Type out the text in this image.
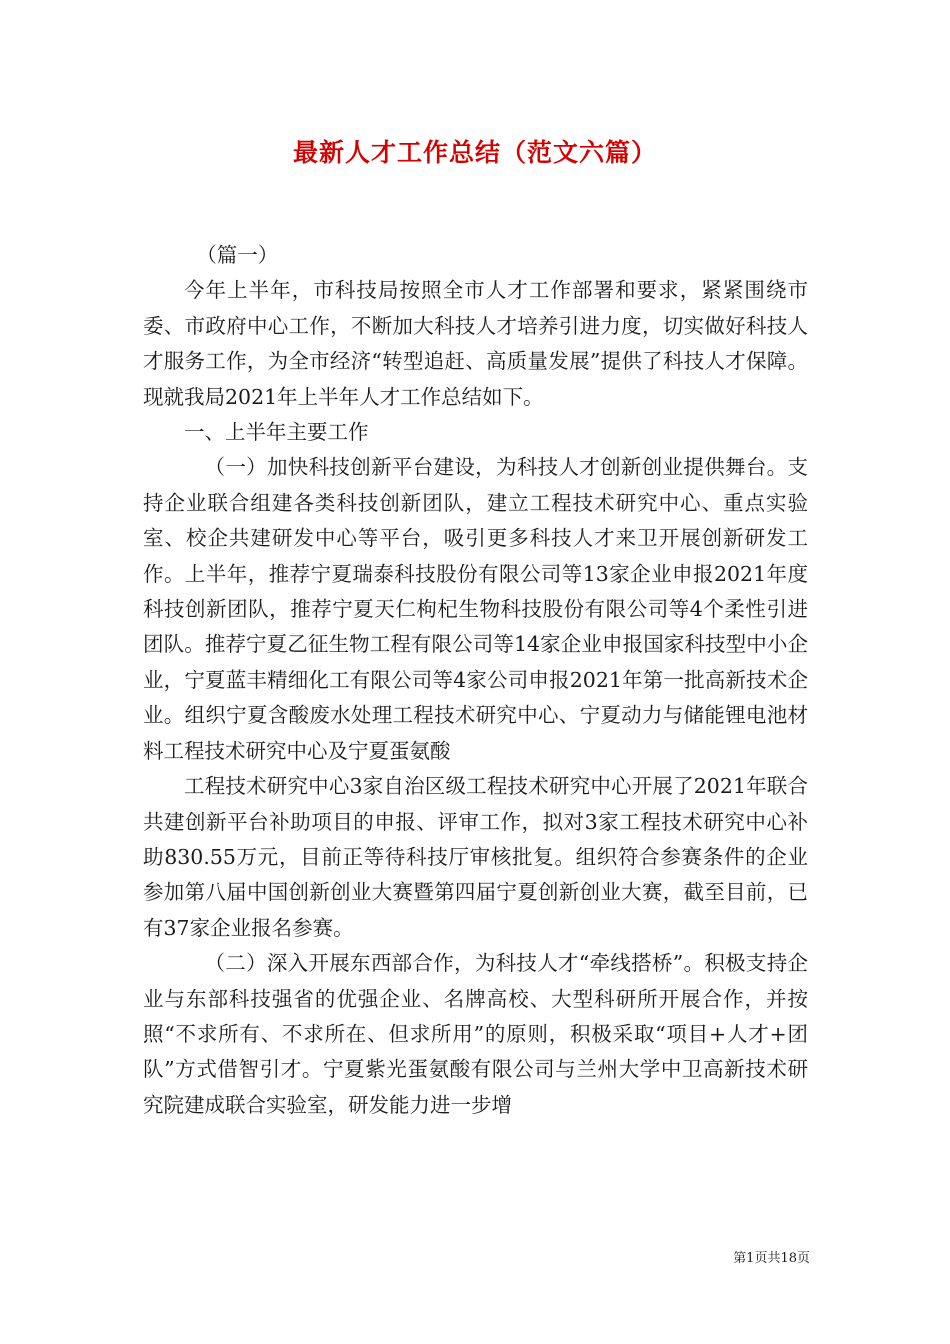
最新人才工作总结（范文六篇）

（篇一）

今年上半年，市科技局按照全市人才工作部署和要求，紧紧围绕市委、市政府中心工作，不断加大科技人才培养引进力度，切实做好科技人才服务工作，为全市经济“转型追赶、高质量发展”提供了科技人才保障。现就我局2021年上半年人才工作总结如下。

一、上半年主要工作

（一）加快科技创新平台建设，为科技人才创新创业提供舞台。支持企业联合组建各类科技创新团队，建立工程技术研究中心、重点实验室、校企共建研发中心等平台，吸引更多科技人才来卫开展创新研发工作。上半年，推荐宁夏瑞泰科技股份有限公司等13家企业申报2021年度科技创新团队，推荐宁夏天仁枸杞生物科技股份有限公司等4个柔性引进团队。推荐宁夏乙征生物工程有限公司等14家企业申报国家科技型中小企业，宁夏蓝丰精细化工有限公司等4家公司申报2021年第一批高新技术企业。组织宁夏含酸废水处理工程技术研究中心、宁夏动力与储能锂电池材料工程技术研究中心及宁夏蛋氨酸

工程技术研究中心3家自治区级工程技术研究中心开展了2021年联合共建创新平台补助项目的申报、评审工作，拟对3家工程技术研究中心补助830.55万元，目前正等待科技厅审核批复。组织符合参赛条件的企业参加第八届中国创新创业大赛暨第四届宁夏创新创业大赛，截至目前，已有37家企业报名参赛。

（二）深入开展东西部合作，为科技人才“牵线搭桥”。积极支持企业与东部科技强省的优强企业、名牌高校、大型科研所开展合作，并按照“不求所有、不求所在、但求所用”的原则，积极采取“项目+人才+团队”方式借智引才。宁夏紫光蛋氨酸有限公司与兰州大学中卫高新技术研究院建成联合实验室，研发能力进一步增

第1页共18页
